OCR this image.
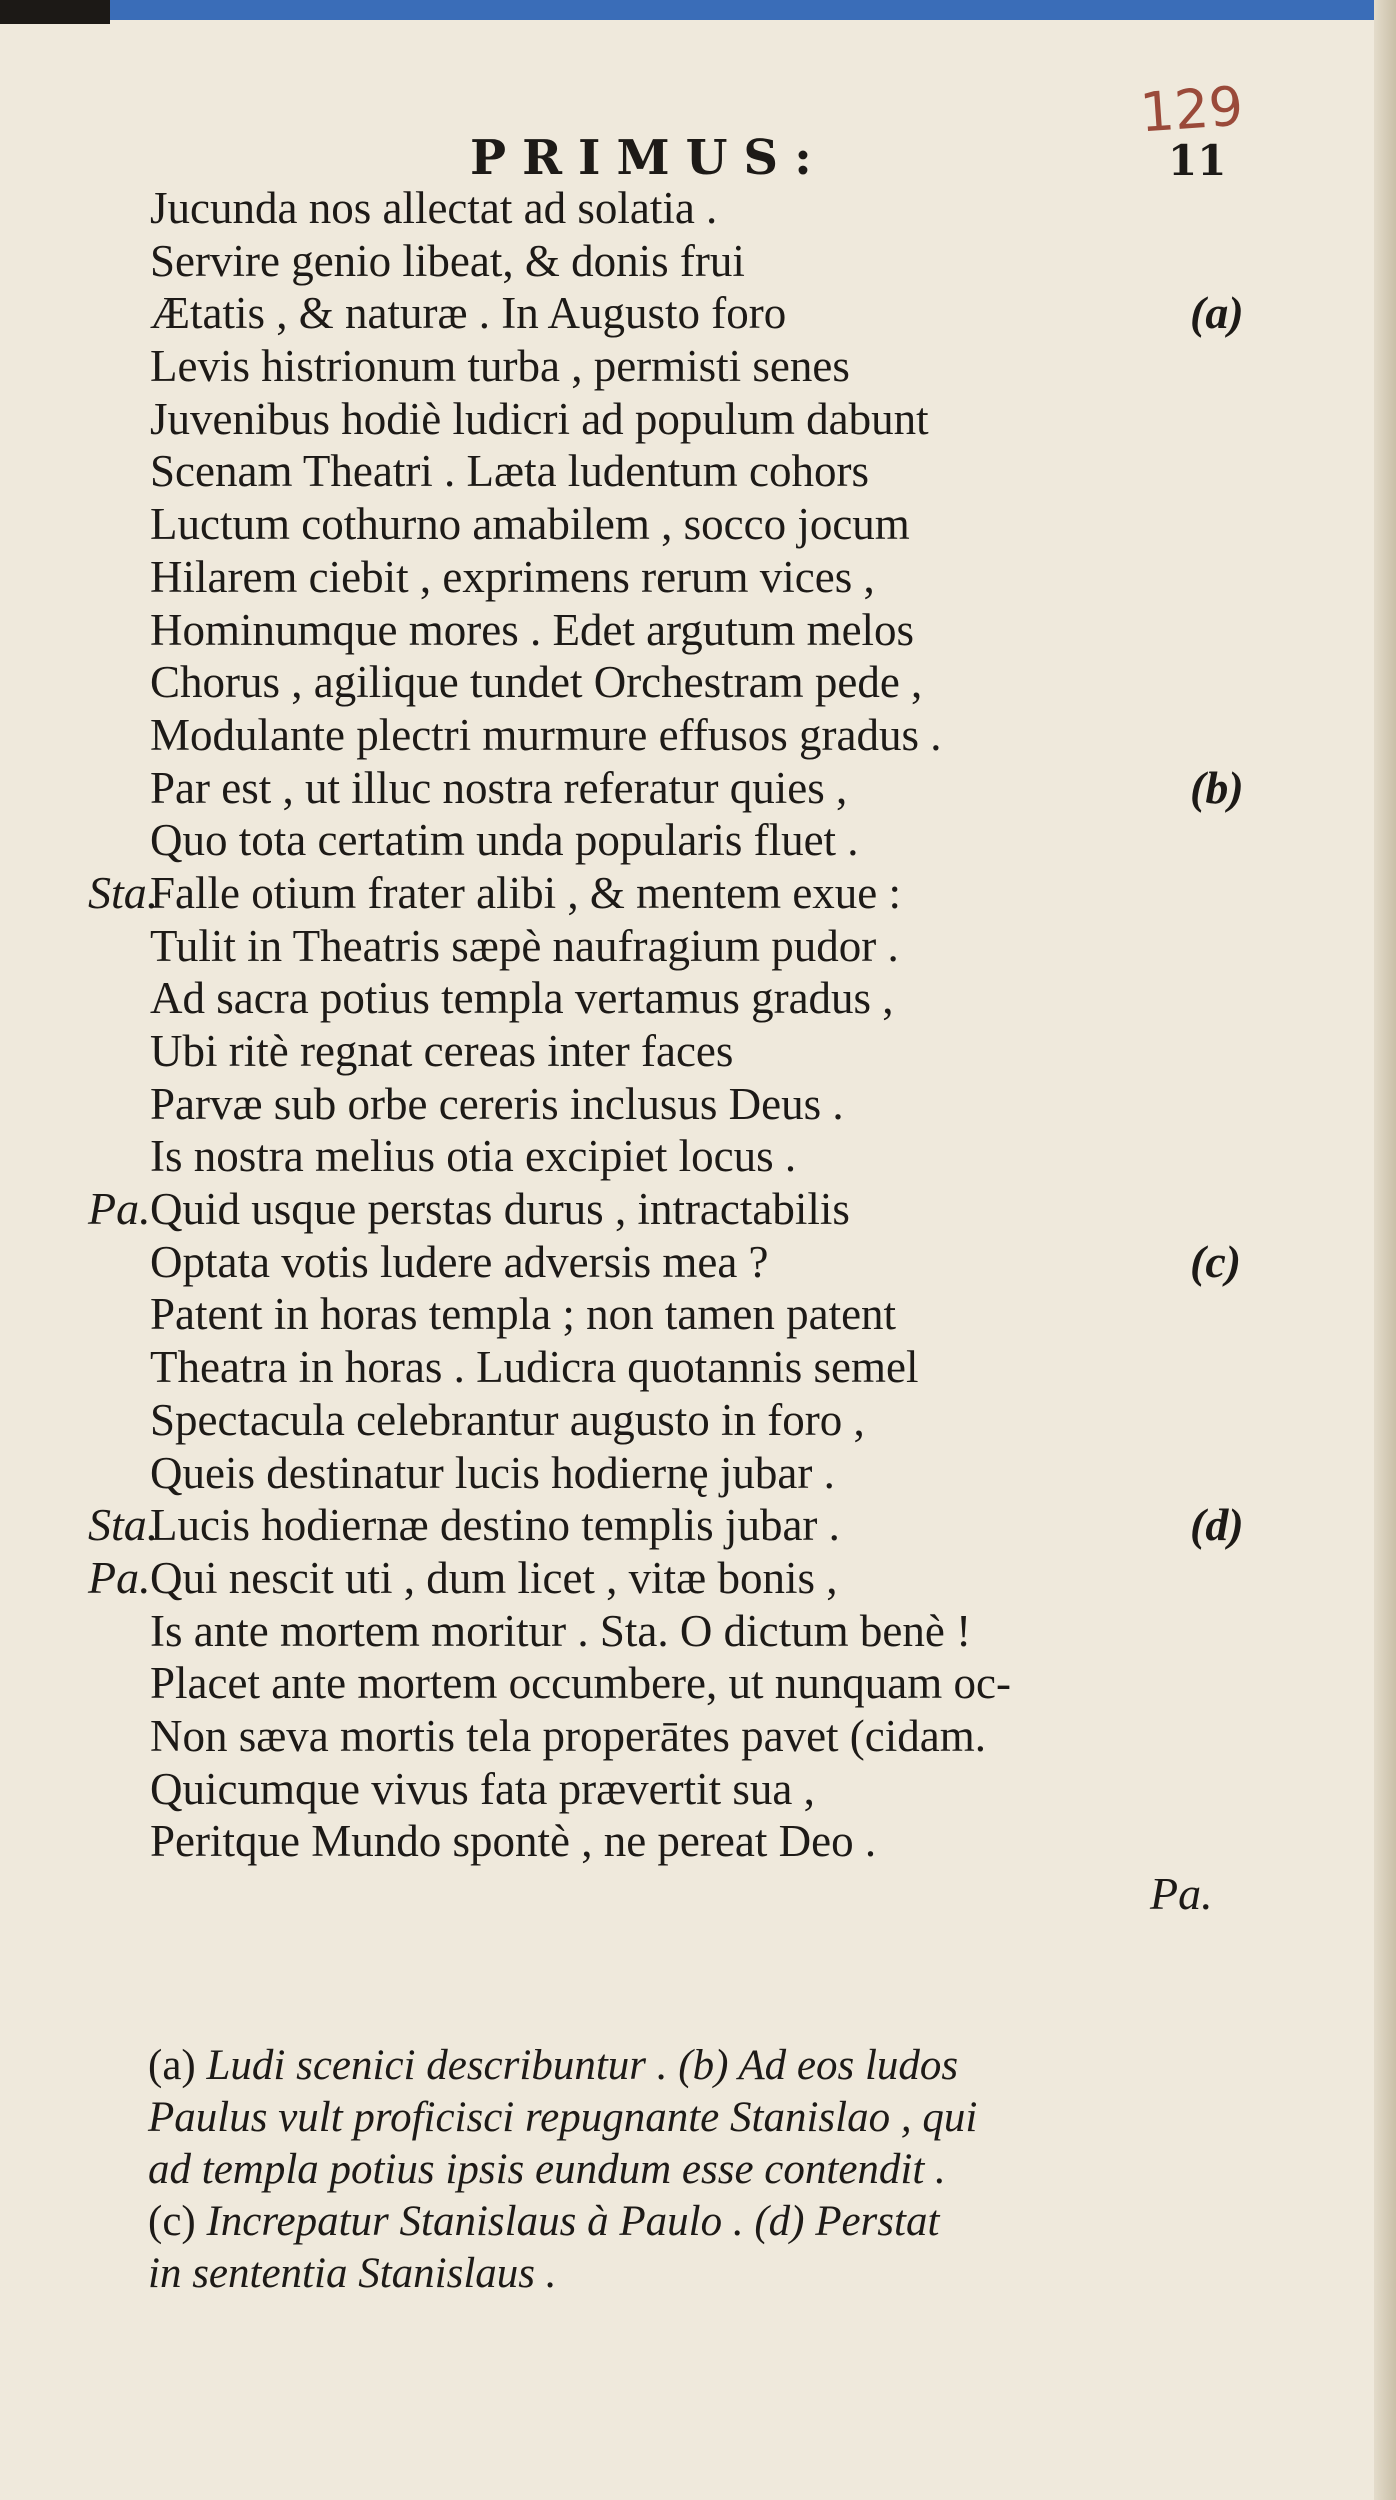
129
PRIMUS:	11
Jucunda nos allectat ad solatia .
Servire genio libeat, & donis frui
Ætatis , & naturæ . In Augusto foro	(a)
Levis histrionum turba , permisti senes
Juvenibus hodiè ludicri ad populum dabunt
Scenam Theatri . Læta ludentum cohors
Luctum cothurno amabilem , socco jocum
Hilarem ciebit , exprimens rerum vices ,
Hominumque mores . Edet argutum melos
Chorus , agilique tundet Orchestram pede ,
Modulante plectri murmure effusos gradus .
Par est , ut illuc nostra referatur quies ,	(b)
Quo tota certatim unda popularis fluet .
Sta.
Falle otium frater alibi , & mentem exue :
Tulit in Theatris sæpè naufragium pudor .
Ad sacra potius templa vertamus gradus ,
Ubi ritè regnat cereas inter faces
Parvæ sub orbe cereris inclusus Deus .
Is nostra melius otia excipiet locus .
Pa. Quid usque perstas durus , intractabilis
Optata votis ludere adversis mea ?	(c)
Patent in horas templa ; non tamen patent
Theatra in horas . Ludicra quotannis semel
Spectacula celebrantur augusto in foro ,
Queis destinatur lucis hodiernę jubar .
Sta.
Lucis hodiernæ destino templis jubar .	(d)
Pa. Qui nescit uti , dum licet , vitæ bonis ,
Is ante mortem moritur . Sta. O dictum benè !
Placet ante mortem occumbere, ut nunquam oc-
Non sæva mortis tela properātes pavet (cidam.
Quicumque vivus fata prævertit sua ,
Peritque Mundo spontè , ne pereat Deo .
Pa.
(a) Ludi scenici describuntur . (b) Ad eos ludos
Paulus vult proficisci repugnante Stanislao , qui
ad templa potius ipsis eundum esse contendit .
(c) Increpatur Stanislaus à Paulo . (d) Perstat
in sententia Stanislaus .
